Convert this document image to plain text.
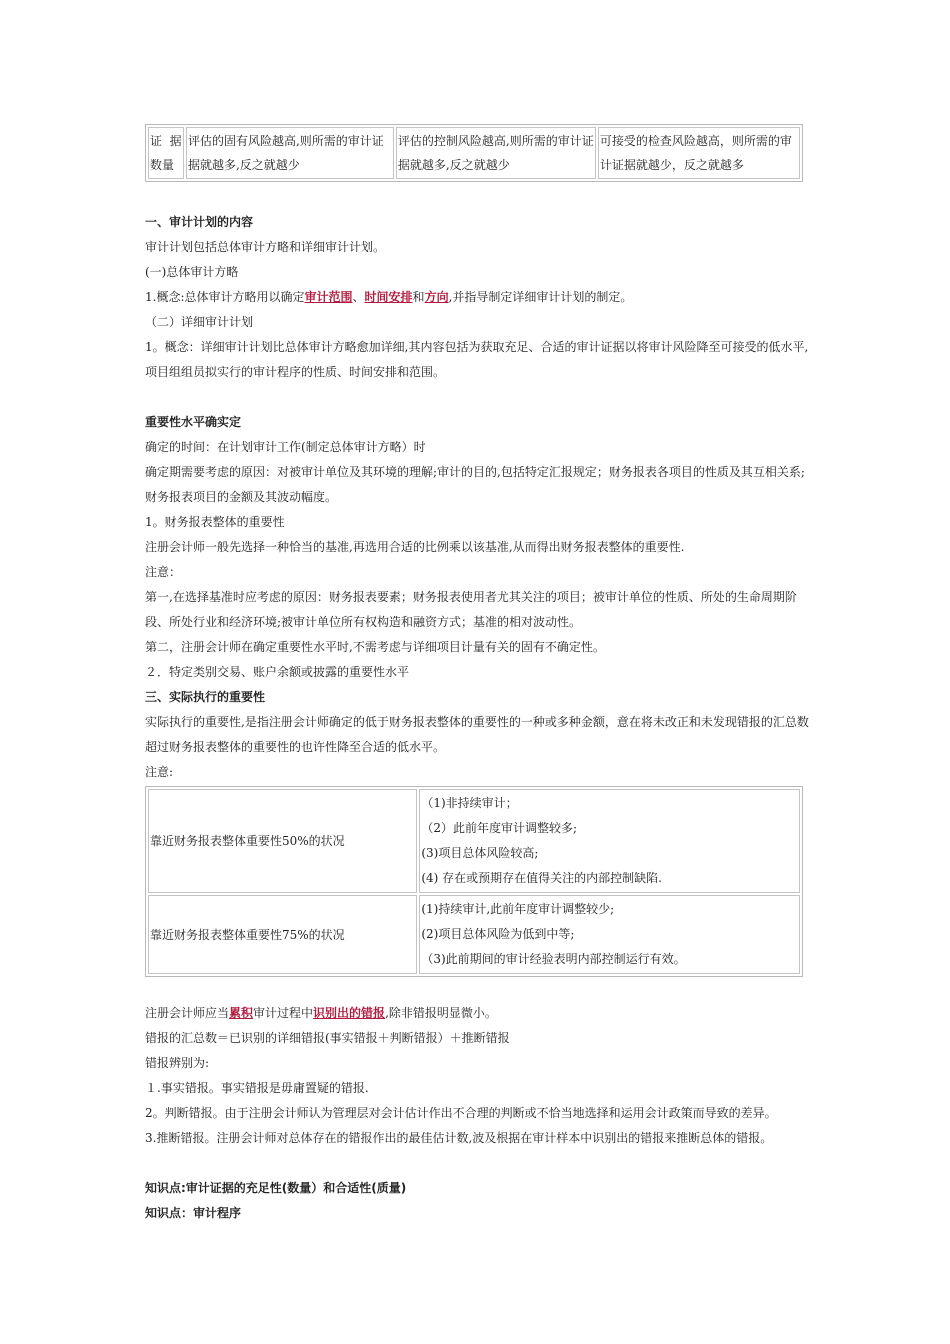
证 据
数量	评估的固有风险越高,则所需的审计证据就越多,反之就越少	评估的控制风险越高,则所需的审计证据就越多,反之就越少	可接受的检查风险越高，则所需的审计证据就越少，反之就越多

一、审计计划的内容

审计计划包括总体审计方略和详细审计计划。

(一)总体审计方略

1.概念:总体审计方略用以确定审计范围、时间安排和方向,并指导制定详细审计计划的制定。

（二）详细审计计划

1。概念：详细审计计划比总体审计方略愈加详细,其内容包括为获取充足、合适的审计证据以将审计风险降至可接受的低水平,项目组组员拟实行的审计程序的性质、时间安排和范围。

重要性水平确实定

确定的时间：在计划审计工作(制定总体审计方略）时

确定期需要考虑的原因：对被审计单位及其环境的理解;审计的目的,包括特定汇报规定；财务报表各项目的性质及其互相关系;财务报表项目的金额及其波动幅度。

1。财务报表整体的重要性

注册会计师一般先选择一种恰当的基准,再选用合适的比例乘以该基准,从而得出财务报表整体的重要性.

注意：

第一,在选择基准时应考虑的原因：财务报表要素；财务报表使用者尤其关注的项目；被审计单位的性质、所处的生命周期阶段、所处行业和经济环境;被审计单位所有权构造和融资方式；基准的相对波动性。

第二，注册会计师在确定重要性水平时,不需考虑与详细项目计量有关的固有不确定性。

２．特定类别交易、账户余额或披露的重要性水平

三、实际执行的重要性

实际执行的重要性,是指注册会计师确定的低于财务报表整体的重要性的一种或多种金额，意在将未改正和未发现错报的汇总数超过财务报表整体的重要性的也许性降至合适的低水平。

注意:

靠近财务报表整体重要性50%的状况	（1)非持续审计；
（2）此前年度审计调整较多;
(3)项目总体风险较高;
(4) 存在或预期存在值得关注的内部控制缺陷.

靠近财务报表整体重要性75%的状况	(1)持续审计,此前年度审计调整较少;
(2)项目总体风险为低到中等;
（3)此前期间的审计经验表明内部控制运行有效。

注册会计师应当累积审计过程中识别出的错报,除非错报明显微小。

错报的汇总数＝已识别的详细错报(事实错报＋判断错报）＋推断错报

错报辨别为:

１.事实错报。事实错报是毋庸置疑的错报.

2。判断错报。由于注册会计师认为管理层对会计估计作出不合理的判断或不恰当地选择和运用会计政策而导致的差异。

3.推断错报。注册会计师对总体存在的错报作出的最佳估计数,波及根据在审计样本中识别出的错报来推断总体的错报。

知识点:审计证据的充足性(数量）和合适性(质量)

知识点：审计程序
